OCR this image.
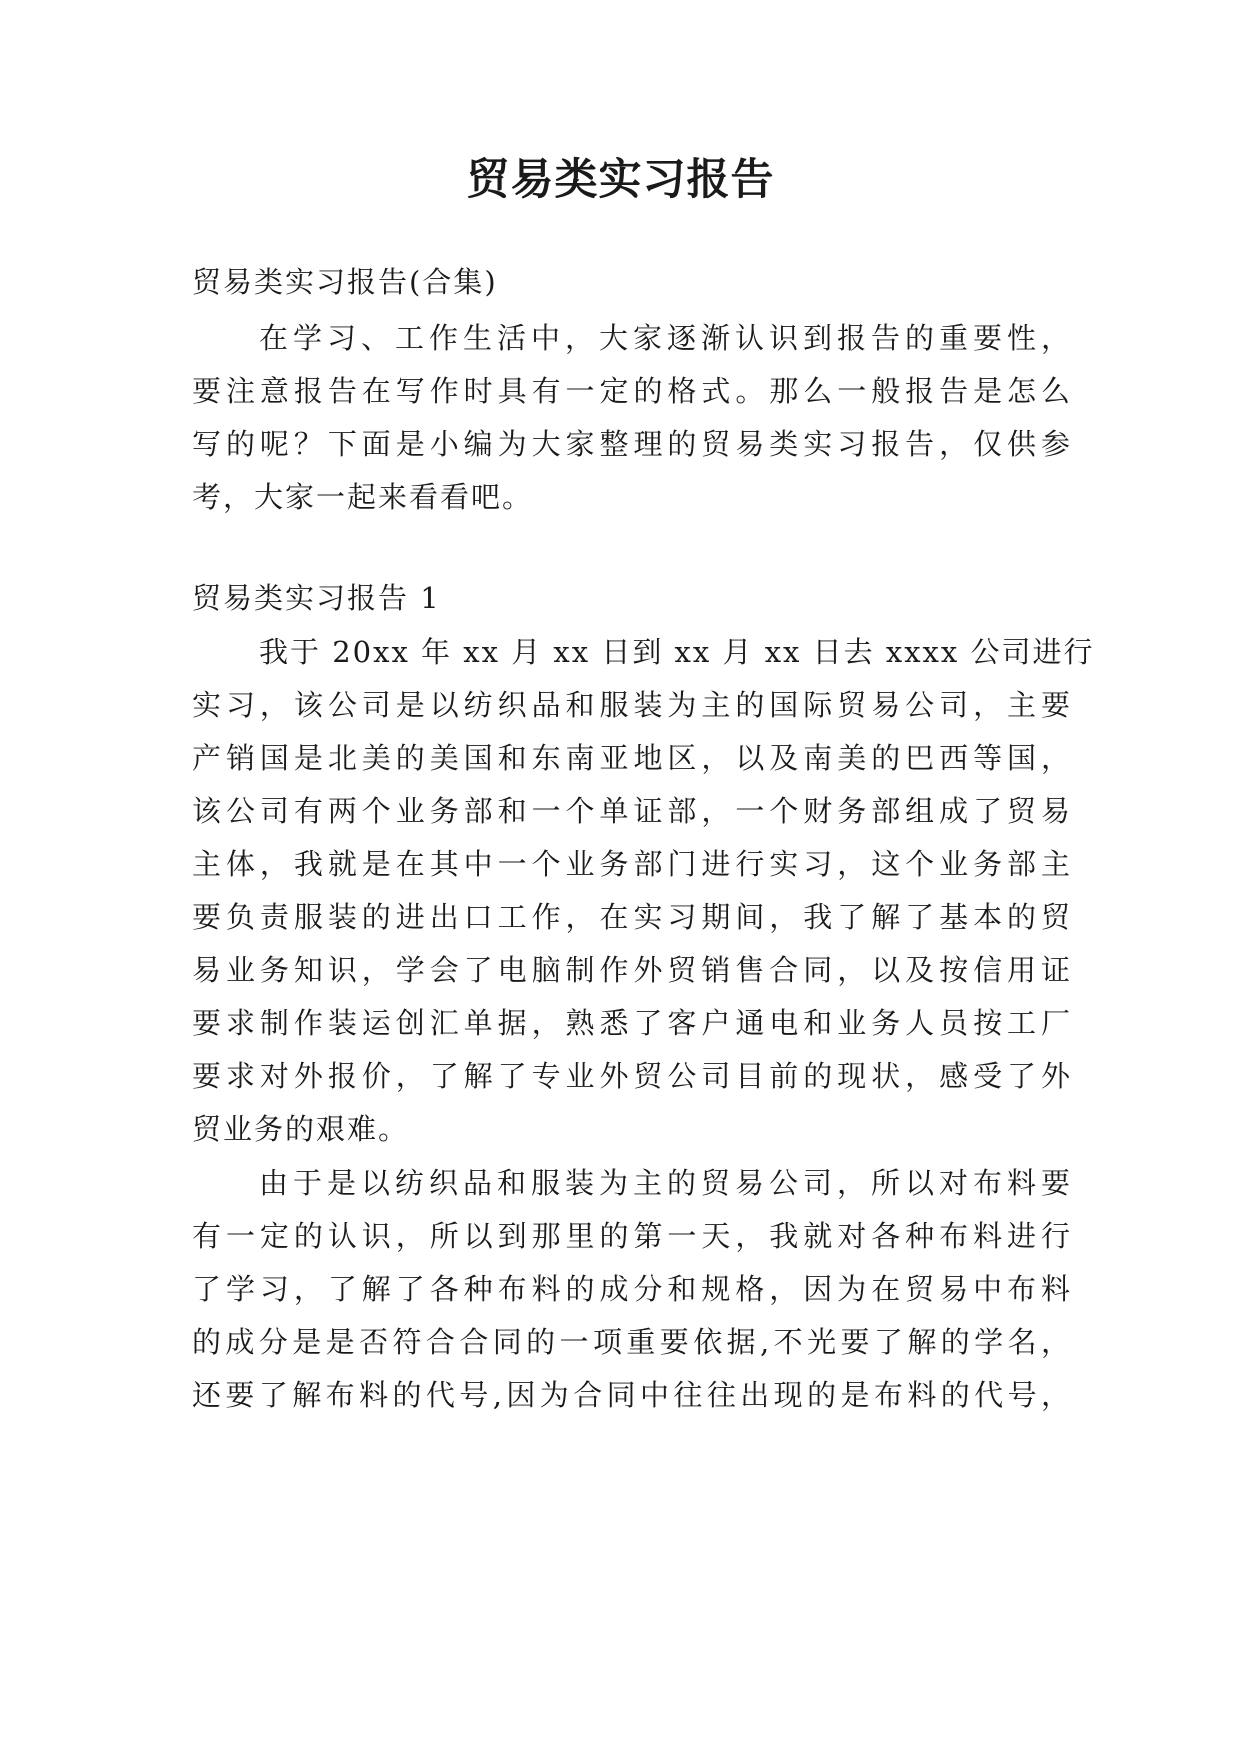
贸易类实习报告

贸易类实习报告(合集)

在学习、工作生活中，大家逐渐认识到报告的重要性，

要注意报告在写作时具有一定的格式。那么一般报告是怎么

写的呢？下面是小编为大家整理的贸易类实习报告，仅供参

考，大家一起来看看吧。

贸易类实习报告 1

我于 20xx 年 xx 月 xx 日到 xx 月 xx 日去 xxxx 公司进行

实习，该公司是以纺织品和服装为主的国际贸易公司，主要

产销国是北美的美国和东南亚地区，以及南美的巴西等国，

该公司有两个业务部和一个单证部，一个财务部组成了贸易

主体，我就是在其中一个业务部门进行实习，这个业务部主

要负责服装的进出口工作，在实习期间，我了解了基本的贸

易业务知识，学会了电脑制作外贸销售合同，以及按信用证

要求制作装运创汇单据，熟悉了客户通电和业务人员按工厂

要求对外报价，了解了专业外贸公司目前的现状，感受了外

贸业务的艰难。

由于是以纺织品和服装为主的贸易公司，所以对布料要

有一定的认识，所以到那里的第一天，我就对各种布料进行

了学习，了解了各种布料的成分和规格，因为在贸易中布料

的成分是是否符合合同的一项重要依据,不光要了解的学名，

还要了解布料的代号,因为合同中往往出现的是布料的代号，
